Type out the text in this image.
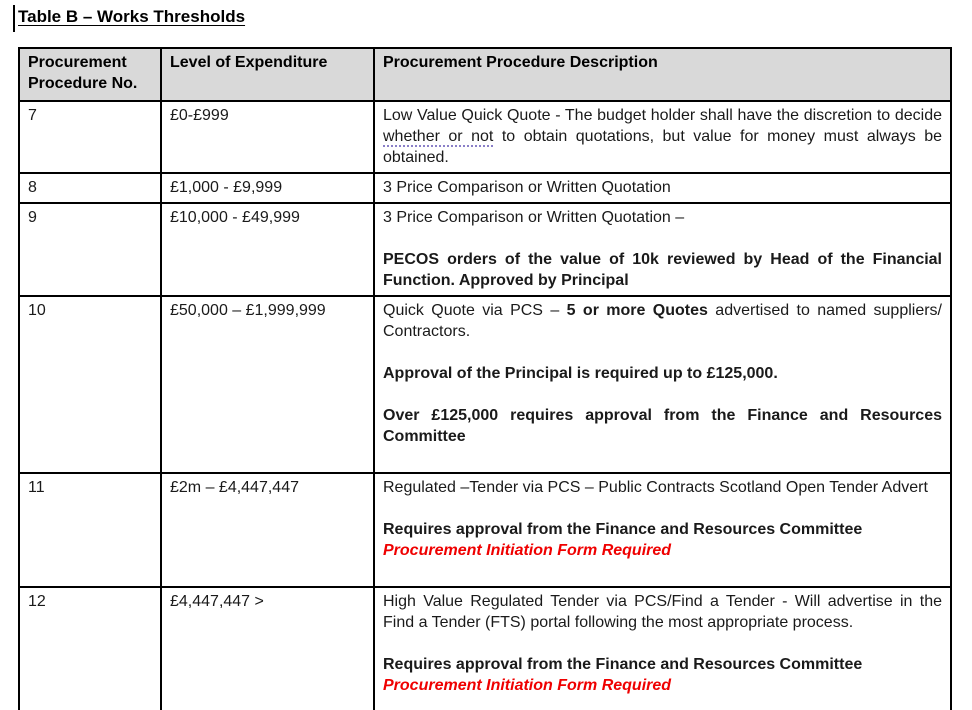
Table B – Works Thresholds
Procurement Procedure No.	Level of Expenditure	Procurement Procedure Description
7	£0-£999	Low Value Quick Quote - The budget holder shall have the discretion to decide whether or not to obtain quotations, but value for money must always be obtained.

8	£1,000 - £9,999	3 Price Comparison or Written Quotation

9	£10,000 - £49,999	3 Price Comparison or Written Quotation –

PECOS orders of the value of 10k reviewed by Head of the Financial Function. Approved by Principal

10	£50,000 – £1,999,999	Quick Quote via PCS – 5 or more Quotes advertised to named suppliers/ Contractors.

Approval of the Principal is required up to £125,000.

Over £125,000 requires approval from the Finance and Resources Committee

11	£2m – £4,447,447	Regulated –Tender via PCS – Public Contracts Scotland Open Tender Advert

Requires approval from the Finance and Resources Committee
Procurement Initiation Form Required

12	£4,447,447 >	High Value Regulated Tender via PCS/Find a Tender - Will advertise in the Find a Tender (FTS) portal following the most appropriate process.

Requires approval from the Finance and Resources Committee
Procurement Initiation Form Required
